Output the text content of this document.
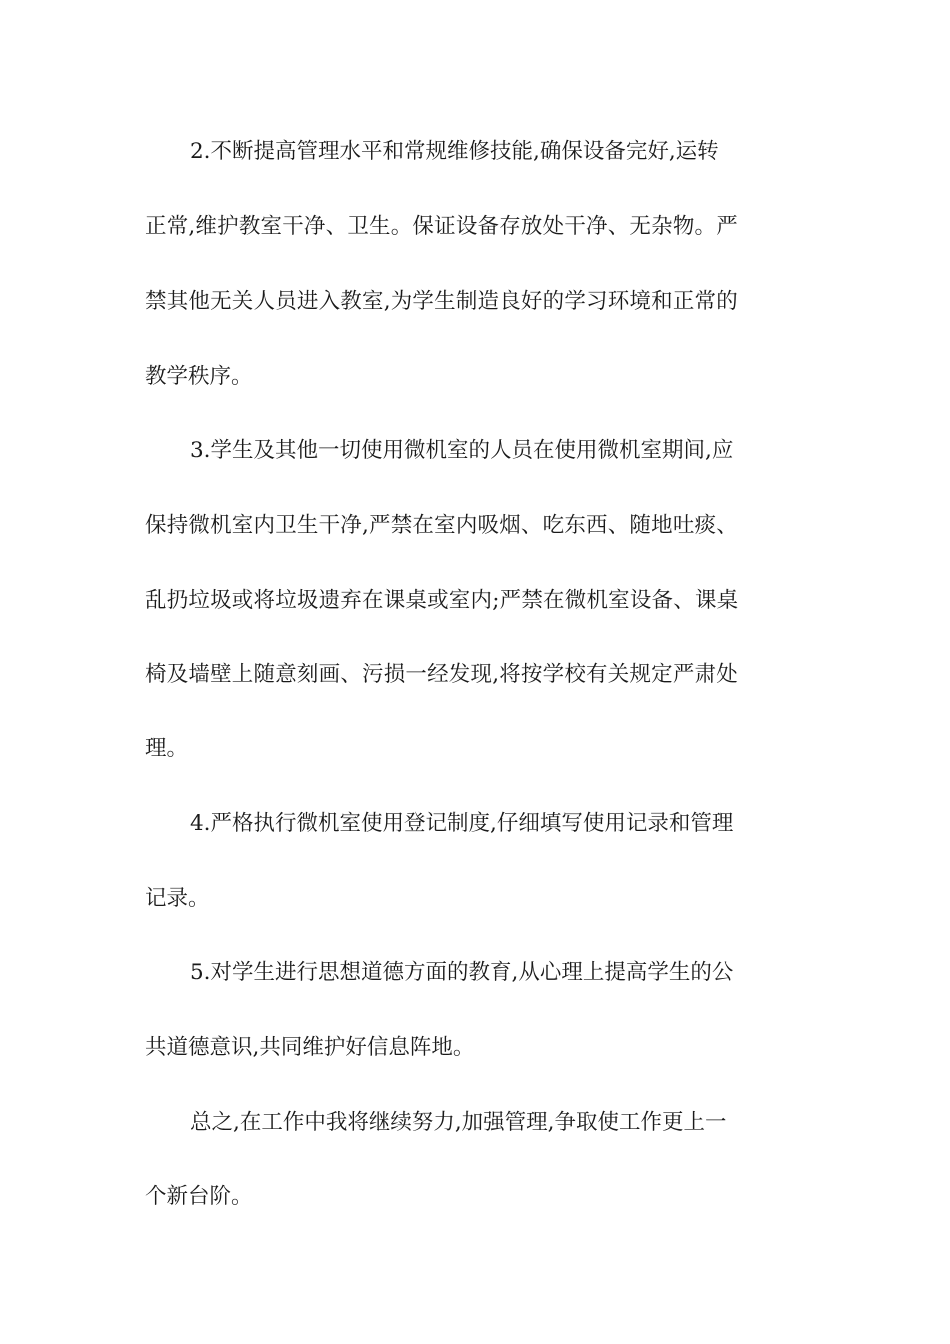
2.不断提高管理水平和常规维修技能,确保设备完好,运转
正常,维护教室干净、卫生。保证设备存放处干净、无杂物。严
禁其他无关人员进入教室,为学生制造良好的学习环境和正常的
教学秩序。
3.学生及其他一切使用微机室的人员在使用微机室期间,应
保持微机室内卫生干净,严禁在室内吸烟、吃东西、随地吐痰、
乱扔垃圾或将垃圾遗弃在课桌或室内;严禁在微机室设备、课桌
椅及墙壁上随意刻画、污损一经发现,将按学校有关规定严肃处
理。
4.严格执行微机室使用登记制度,仔细填写使用记录和管理
记录。
5.对学生进行思想道德方面的教育,从心理上提高学生的公
共道德意识,共同维护好信息阵地。
总之,在工作中我将继续努力,加强管理,争取使工作更上一
个新台阶。
